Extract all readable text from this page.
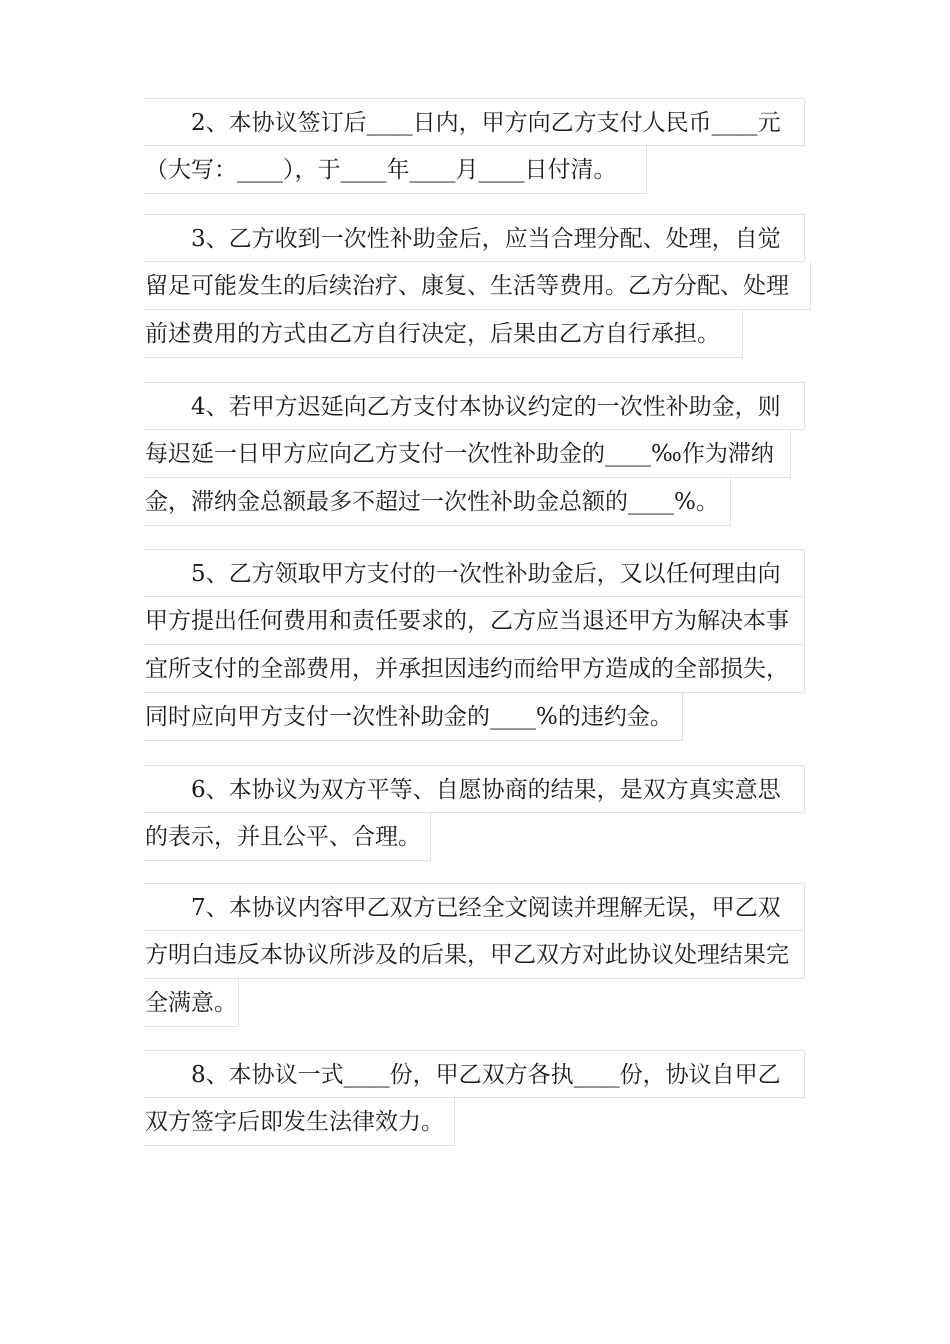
2、本协议签订后____日内，甲方向乙方支付人民币____元
（大写：____），于____年____月____日付清。
3、乙方收到一次性补助金后，应当合理分配、处理，自觉
留足可能发生的后续治疗、康复、生活等费用。乙方分配、处理
前述费用的方式由乙方自行决定，后果由乙方自行承担。
4、若甲方迟延向乙方支付本协议约定的一次性补助金，则
每迟延一日甲方应向乙方支付一次性补助金的____‰作为滞纳
金，滞纳金总额最多不超过一次性补助金总额的____%。
5、乙方领取甲方支付的一次性补助金后，又以任何理由向
甲方提出任何费用和责任要求的，乙方应当退还甲方为解决本事
宜所支付的全部费用，并承担因违约而给甲方造成的全部损失，
同时应向甲方支付一次性补助金的____%的违约金。
6、本协议为双方平等、自愿协商的结果，是双方真实意思
的表示，并且公平、合理。
7、本协议内容甲乙双方已经全文阅读并理解无误，甲乙双
方明白违反本协议所涉及的后果，甲乙双方对此协议处理结果完
全满意。
8、本协议一式____份，甲乙双方各执____份，协议自甲乙
双方签字后即发生法律效力。
